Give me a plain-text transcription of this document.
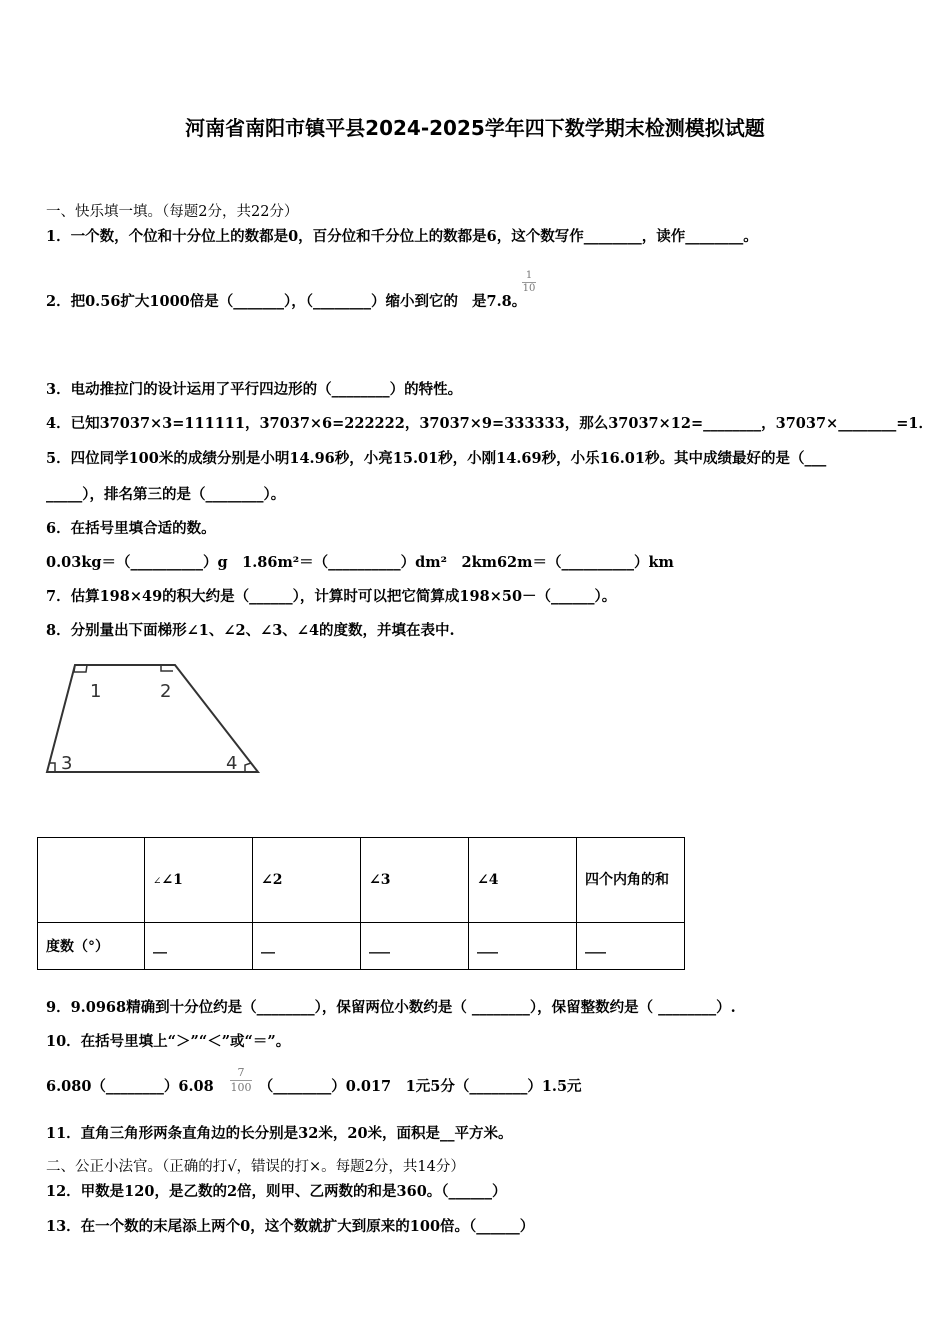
河南省南阳市镇平县2024-2025学年四下数学期末检测模拟试题
一、快乐填一填。（每题2分，共22分）
1．一个数，个位和十分位上的数都是0，百分位和千分位上的数都是6，这个数写作________，读作________。
2．把0.56扩大1000倍是（_______），（________）缩小到它的 是7.8。
$\frac{1}{10}$
3．电动推拉门的设计运用了平行四边形的（________）的特性。
4．已知37037×3=111111，37037×6=222222，37037×9=333333，那么37037×12=________，37037×________=1．
5．四位同学100米的成绩分别是小明14.96秒，小亮15.01秒，小刚14.69秒，小乐16.01秒。其中成绩最好的是（___
_____），排名第三的是（________）。
6．在括号里填合适的数。
0.03kg＝（__________）g　1.86m²＝（__________）dm²　2km62m＝（__________）km
7．估算198×49的积大约是（______），计算时可以把它简算成198×50－（______）。
8．分别量出下面梯形∠1、∠2、∠3、∠4的度数，并填在表中.
1	2
3	4
	∠∠1	∠2	∠3	∠4	四个内角的和
度数（°）	__	__	___	___	___
9．9.0968精确到十分位约是（________），保留两位小数约是（ ________），保留整数约是（ ________）.
10．在括号里填上“＞”“＜”或“＝”。
6.080（________）6.08	（________）0.017　1元5分（________）1.5元
$\frac{7}{100}$
11．直角三角形两条直角边的长分别是32米，20米，面积是__平方米。
二、公正小法官。（正确的打√，错误的打×。每题2分，共14分）
12．甲数是120，是乙数的2倍，则甲、乙两数的和是360。（______）
13．在一个数的末尾添上两个0，这个数就扩大到原来的100倍。（______）
